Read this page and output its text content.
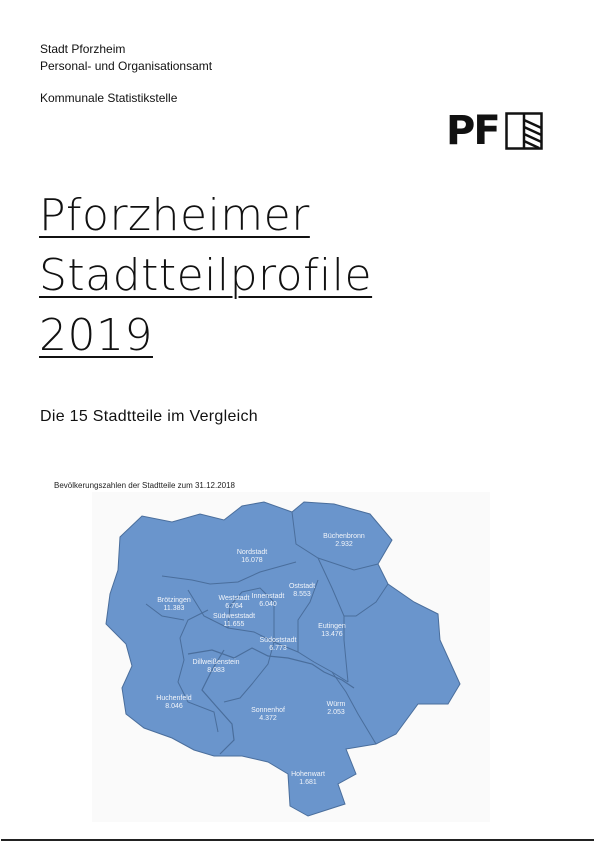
Stadt Pforzheim
Personal- und Organisationsamt
Kommunale Statistikstelle
PF
Pforzheimer
Stadtteilprofile
2019
Die 15 Stadtteile im Vergleich
Bevölkerungszahlen der Stadtteile zum 31.12.2018
Nordstadt
16.078
Büchenbronn
2.932
Brötzingen
11.383
Weststadt
6.764
Innenstadt
6.040
Oststadt
8.553
Südweststadt
11.655	Eutingen
13.476
Südoststadt
6.773
Dillweißenstein
8.083
Huchenfeld
8.046
Sonnenhof
4.372
Würm
2.053
Hohenwart
1.681
